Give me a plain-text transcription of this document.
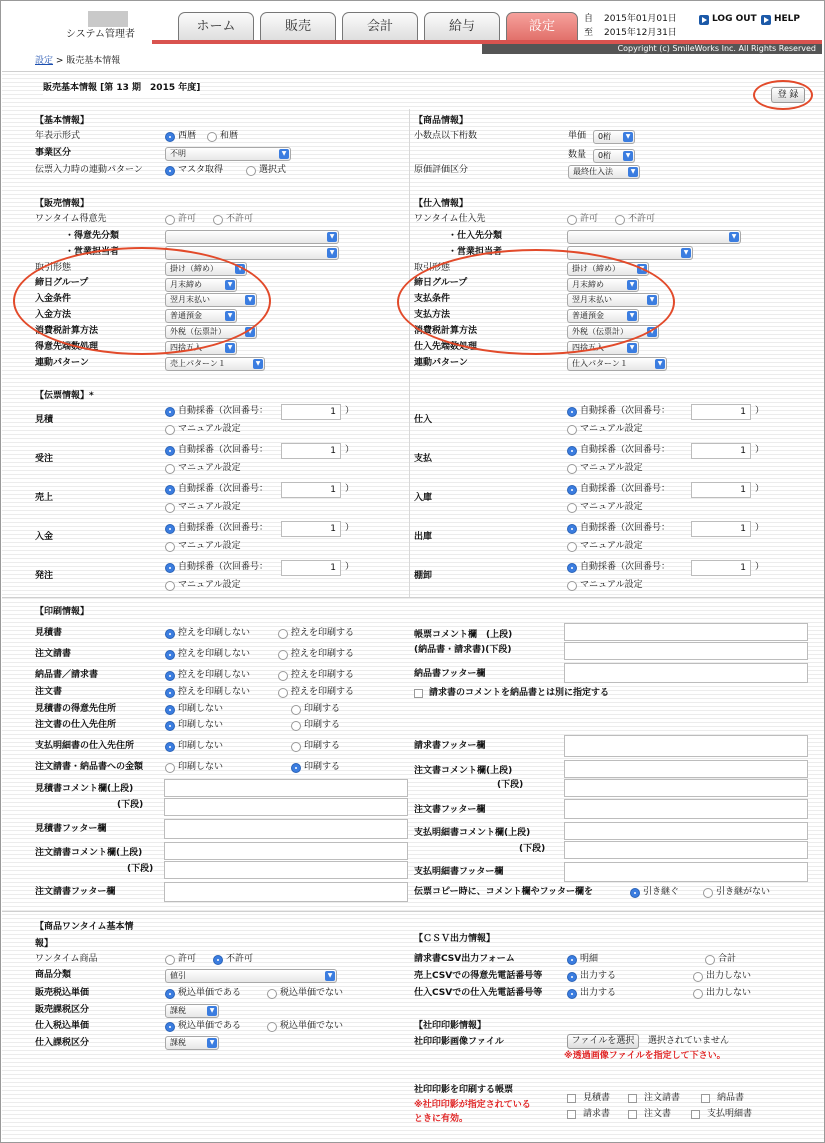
システム管理者
ホーム	販売	会計	給与	設定	自 2015年01月01日
至 2015年12月31日
LOG OUT HELP
Copyright (c) SmileWorks Inc. All Rights Reserved
設定 > 販売基本情報
販売基本情報 [第 13 期　2015 年度]
登 録
【基本情報】
年表示形式	西暦	和暦
事業区分	不明	▼
伝票入力時の連動パターン	マスタ取得	選択式
【商品情報】
小数点以下桁数	単価	0桁	▼
数量	0桁	▼
原価評価区分	最終仕入法	▼
【販売情報】
ワンタイム得意先	許可	不許可
・得意先分類	▼
・営業担当者	▼
取引形態	掛け（締め）	▼
締日グループ	月末締め	▼
入金条件	翌月末払い	▼
入金方法	普通預金	▼
消費税計算方法	外税（伝票計）	▼
得意先端数処理	四捨五入	▼
連動パターン	売上パターン１	▼
【仕入情報】
ワンタイム仕入先	許可	不許可
・仕入先分類	▼
・営業担当者	▼
取引形態	掛け（締め）	▼
締日グループ	月末締め	▼
支払条件	翌月末払い	▼
支払方法	普通預金	▼
消費税計算方法	外税（伝票計）	▼
仕入先端数処理	四捨五入	▼
連動パターン	仕入パターン１	▼
【伝票情報】*
【印刷情報】
見積書	控えを印刷しない	控えを印刷する
注文請書	控えを印刷しない	控えを印刷する
納品書／請求書	控えを印刷しない	控えを印刷する
注文書	控えを印刷しない	控えを印刷する
見積書の得意先住所	印刷しない	印刷する
注文書の仕入先住所	印刷しない	印刷する
支払明細書の仕入先住所	印刷しない	印刷する
注文請書・納品書への金額	印刷しない	印刷する
見積書コメント欄(上段)
(下段)
見積書フッター欄
注文請書コメント欄(上段)
(下段)
注文請書フッター欄
帳票コメント欄　(上段)
(納品書・請求書)(下段)
納品書フッター欄
請求書のコメントを納品書とは別に指定する
請求書フッター欄
注文書コメント欄(上段)
(下段)
注文書フッター欄
支払明細書コメント欄(上段)
(下段)
支払明細書フッター欄
伝票コピー時に、コメント欄やフッター欄を	引き継ぐ	引き継がない
【商品ワンタイム基本情
報】
ワンタイム商品	許可	不許可
商品分類	値引	▼
販売税込単価	税込単価である	税込単価でない
販売課税区分	課税	▼
仕入税込単価	税込単価である	税込単価でない
仕入課税区分	課税	▼
【ＣＳＶ出力情報】
請求書CSV出力フォーム	明細	合計
売上CSVでの得意先電話番号等	出力する	出力しない
仕入CSVでの仕入先電話番号等	出力する	出力しない
【社印印影情報】
社印印影画像ファイル	ファイルを選択	選択されていません
※透過画像ファイルを指定して下さい。
社印印影を印刷する帳票
※社印印影が指定されている
ときに有効。
見積書	注文請書	納品書
請求書	注文書	支払明細書
見積
自動採番（次回番号：	1	）
マニュアル設定
受注
自動採番（次回番号：	1	）
マニュアル設定
売上
自動採番（次回番号：	1	）
マニュアル設定
入金
自動採番（次回番号：	1	）
マニュアル設定
発注
自動採番（次回番号：	1	）
マニュアル設定
仕入
自動採番（次回番号：	1	）
マニュアル設定
支払
自動採番（次回番号：	1	）
マニュアル設定
入庫
自動採番（次回番号：	1	）
マニュアル設定
出庫
自動採番（次回番号：	1	）
マニュアル設定
棚卸
自動採番（次回番号：	1	）
マニュアル設定
